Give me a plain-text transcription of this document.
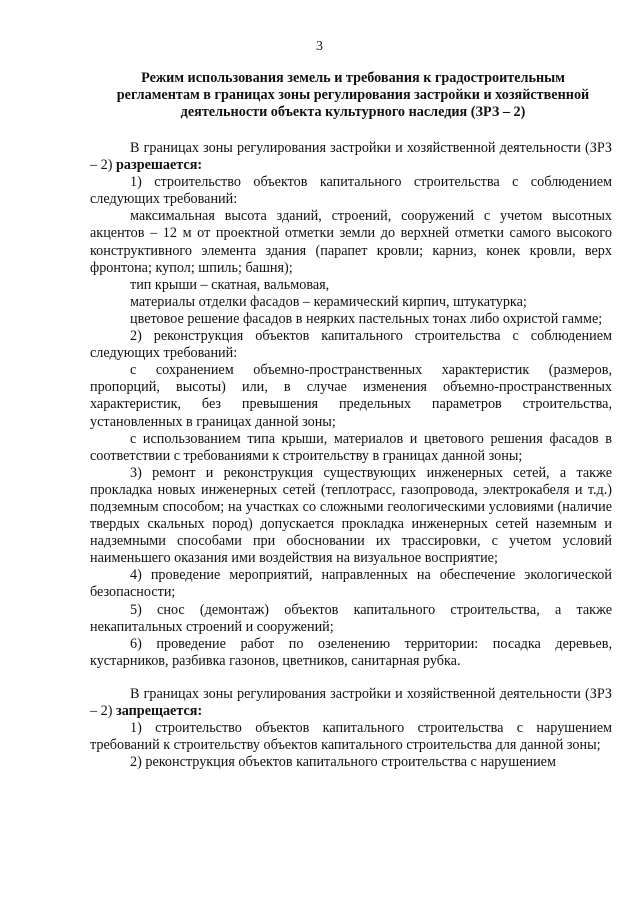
3
Режим использования земель и требования к градостроительным
регламентам в границах зоны регулирования застройки и хозяйственной
деятельности объекта культурного наследия (ЗРЗ – 2)

В границах зоны регулирования застройки и хозяйственной деятельности (ЗРЗ – 2) разрешается:

1) строительство объектов капитального строительства с соблюдением следующих требований:

максимальная высота зданий, строений, сооружений с учетом высотных акцентов – 12 м от проектной отметки земли до верхней отметки самого высокого конструктивного элемента здания (парапет кровли; карниз, конек кровли, верх фронтона; купол; шпиль; башня);

тип крыши – скатная, вальмовая,

материалы отделки фасадов – керамический кирпич, штукатурка;

цветовое решение фасадов в неярких пастельных тонах либо охристой гамме;

2) реконструкция объектов капитального строительства с соблюдением следующих требований:

с сохранением объемно-пространственных характеристик (размеров, пропорций, высоты) или, в случае изменения объемно-пространственных характеристик, без превышения предельных параметров строительства, установленных в границах данной зоны;

с использованием типа крыши, материалов и цветового решения фасадов в соответствии с требованиями к строительству в границах данной зоны;

3) ремонт и реконструкция существующих инженерных сетей, а также прокладка новых инженерных сетей (теплотрасс, газопровода, электрокабеля и т.д.) подземным способом; на участках со сложными геологическими условиями (наличие твердых скальных пород) допускается прокладка инженерных сетей наземным и надземными способами при обосновании их трассировки, с учетом условий наименьшего оказания ими воздействия на визуальное восприятие;

4) проведение мероприятий, направленных на обеспечение экологической безопасности;

5) снос (демонтаж) объектов капитального строительства, а также некапитальных строений и сооружений;

6) проведение работ по озеленению территории: посадка деревьев, кустарников, разбивка газонов, цветников, санитарная рубка.

В границах зоны регулирования застройки и хозяйственной деятельности (ЗРЗ – 2) запрещается:

1) строительство объектов капитального строительства с нарушением требований к строительству объектов капитального строительства для данной зоны;

2) реконструкция объектов капитального строительства с нарушением
